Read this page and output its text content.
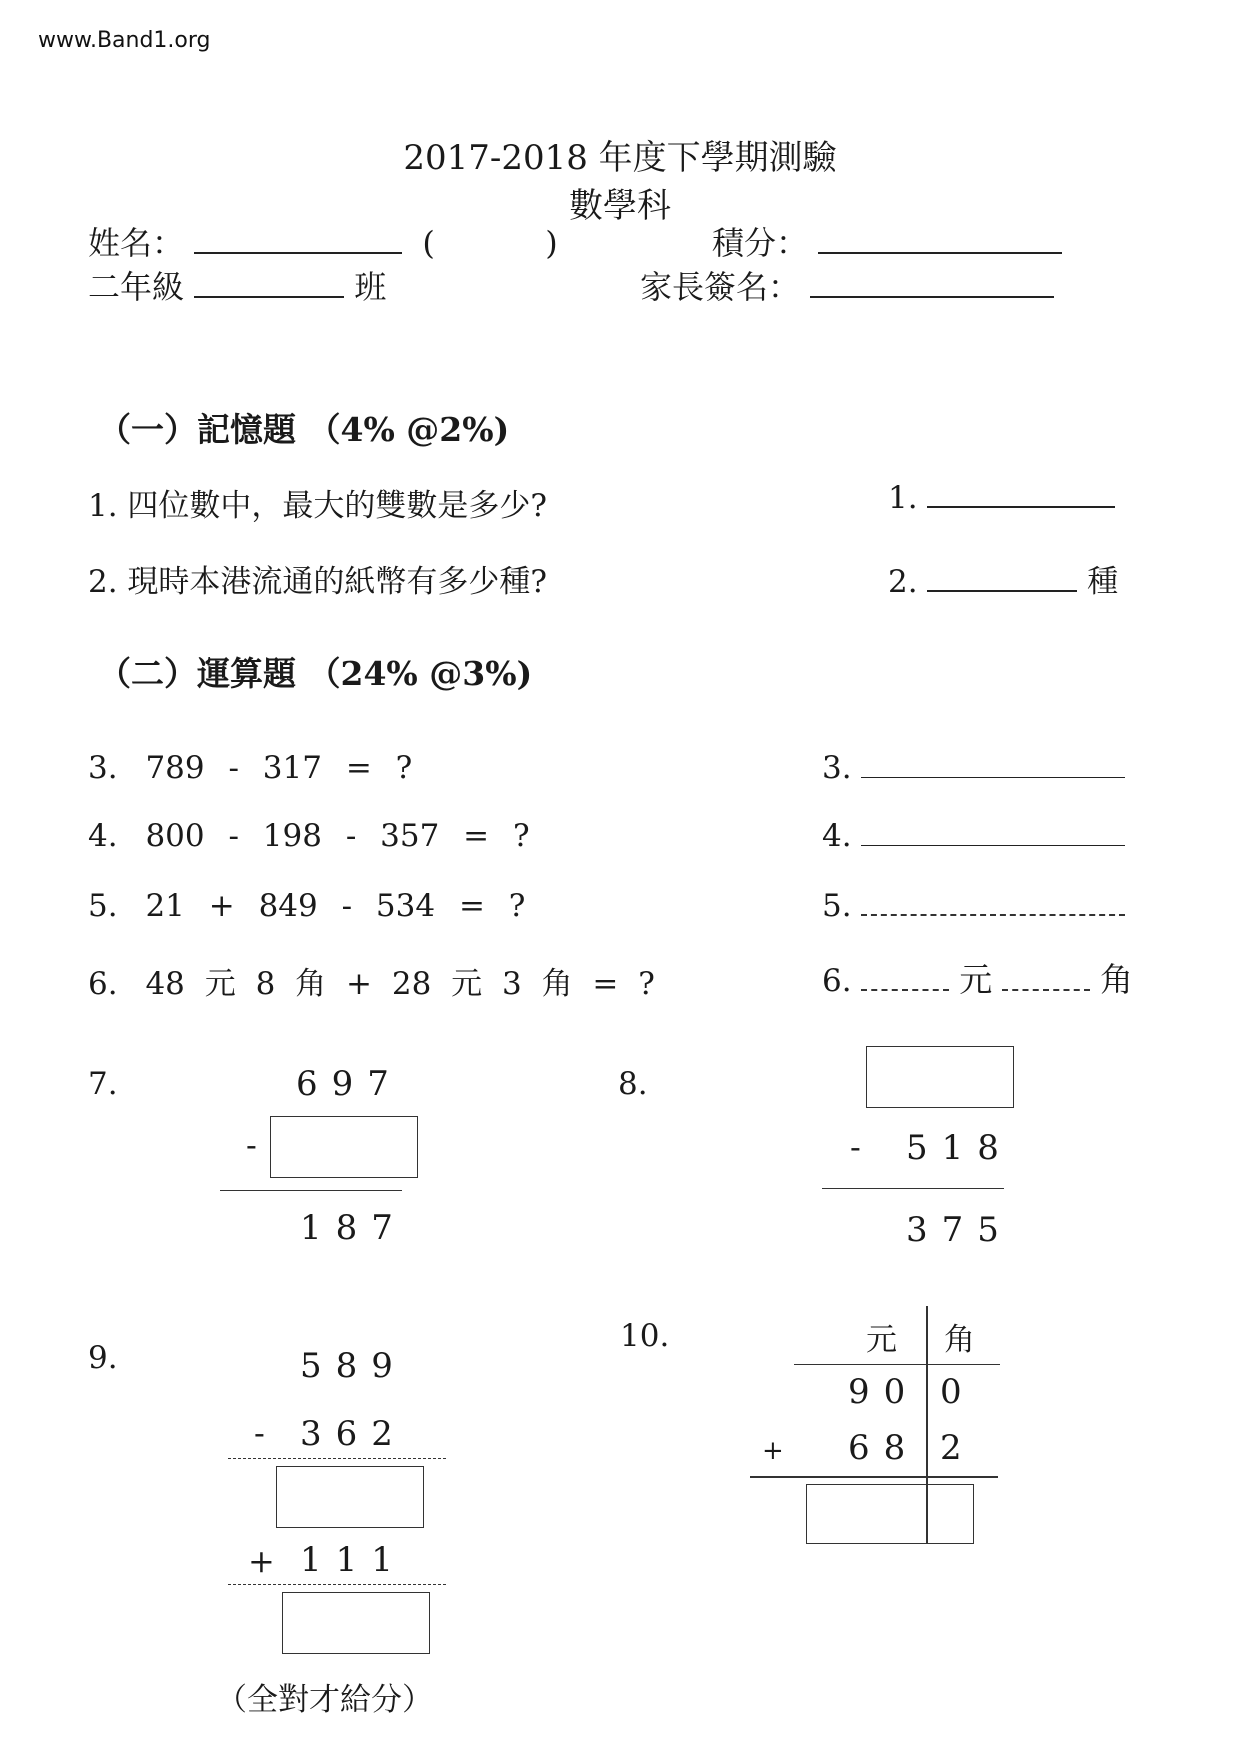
www.Band1.org
2017-2018 年度下學期測驗
數學科
姓名：	(	)	積分：
二年級	班	家長簽名：
（一）記憶題 （4% @2%)
1. 四位數中，最大的雙數是多少?	1.
2. 現時本港流通的紙幣有多少種?	2.	種
（二）運算題 （24% @3%)
3. 789 - 317 = ?	3.
4. 800 - 198 - 357 = ?	4.
5. 21 + 849 - 534 = ?	5.
6. 48 元 8 角 + 28 元 3 角 = ?	6.	元	角
7.	697
-
187
8.
- 518
375
9.	589
- 362
+ 111
（全對才給分）
10.	元 角
90 0
+ 68 2
